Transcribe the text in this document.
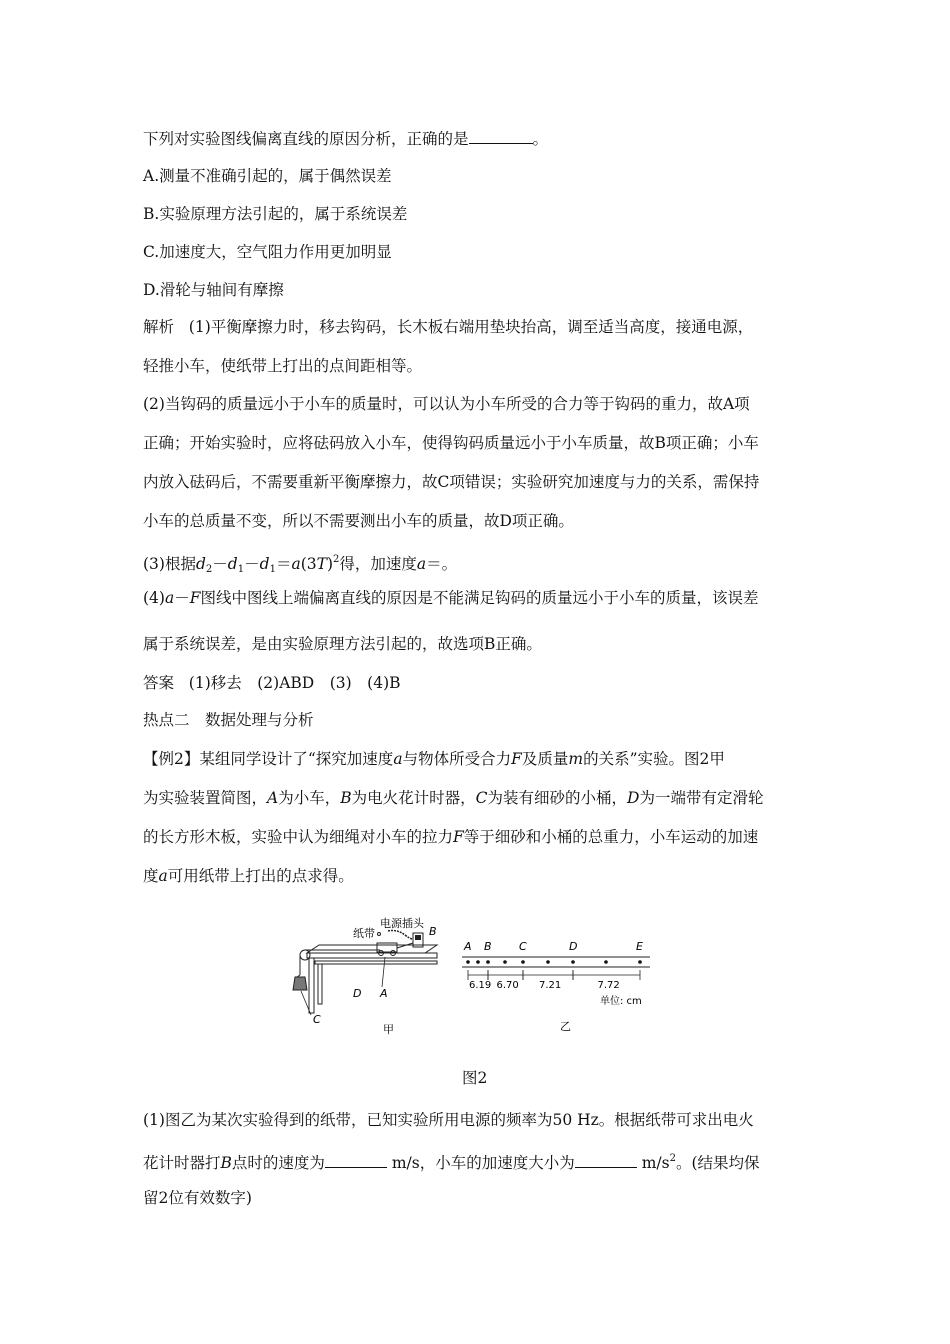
下列对实验图线偏离直线的原因分析，正确的是	。
A.测量不准确引起的，属于偶然误差
B.实验原理方法引起的，属于系统误差
C.加速度大，空气阻力作用更加明显
D.滑轮与轴间有摩擦
解析 (1)平衡摩擦力时，移去钩码，长木板右端用垫块抬高，调至适当高度，接通电源，
轻推小车，使纸带上打出的点间距相等。
(2)当钩码的质量远小于小车的质量时，可以认为小车所受的合力等于钩码的重力，故A项
正确；开始实验时，应将砝码放入小车，使得钩码质量远小于小车质量，故B项正确；小车
内放入砝码后，不需要重新平衡摩擦力，故C项错误；实验研究加速度与力的关系，需保持
小车的总质量不变，所以不需要测出小车的质量，故D项正确。
(3)根据$d_2-d_1-d_1=a(3T)^2$得，加速度a＝。
(4)a－F图线中图线上端偏离直线的原因是不能满足钩码的质量远小于小车的质量，该误差
属于系统误差，是由实验原理方法引起的，故选项B正确。
答案 (1)移去　(2)ABD　(3)　(4)B
热点二　数据处理与分析
【例2】某组同学设计了“探究加速度a与物体所受合力F及质量m的关系”实验。图2甲
为实验装置简图，A为小车，B为电火花计时器，C为装有细砂的小桶，D为一端带有定滑轮
的长方形木板，实验中认为细绳对小车的拉力F等于细砂和小桶的总重力，小车运动的加速
度a可用纸带上打出的点求得。
电源插头
纸带	B
A
D
C
甲
A B C	D	E
6.19 6.70 7.21	7.72
单位: cm
乙
图2
(1)图乙为某次实验得到的纸带，已知实验所用电源的频率为50 Hz。根据纸带可求出电火
花计时器打B点时的速度为	m/s，小车的加速度大小为	$m/s^2$。(结果均保
留2位有效数字)
